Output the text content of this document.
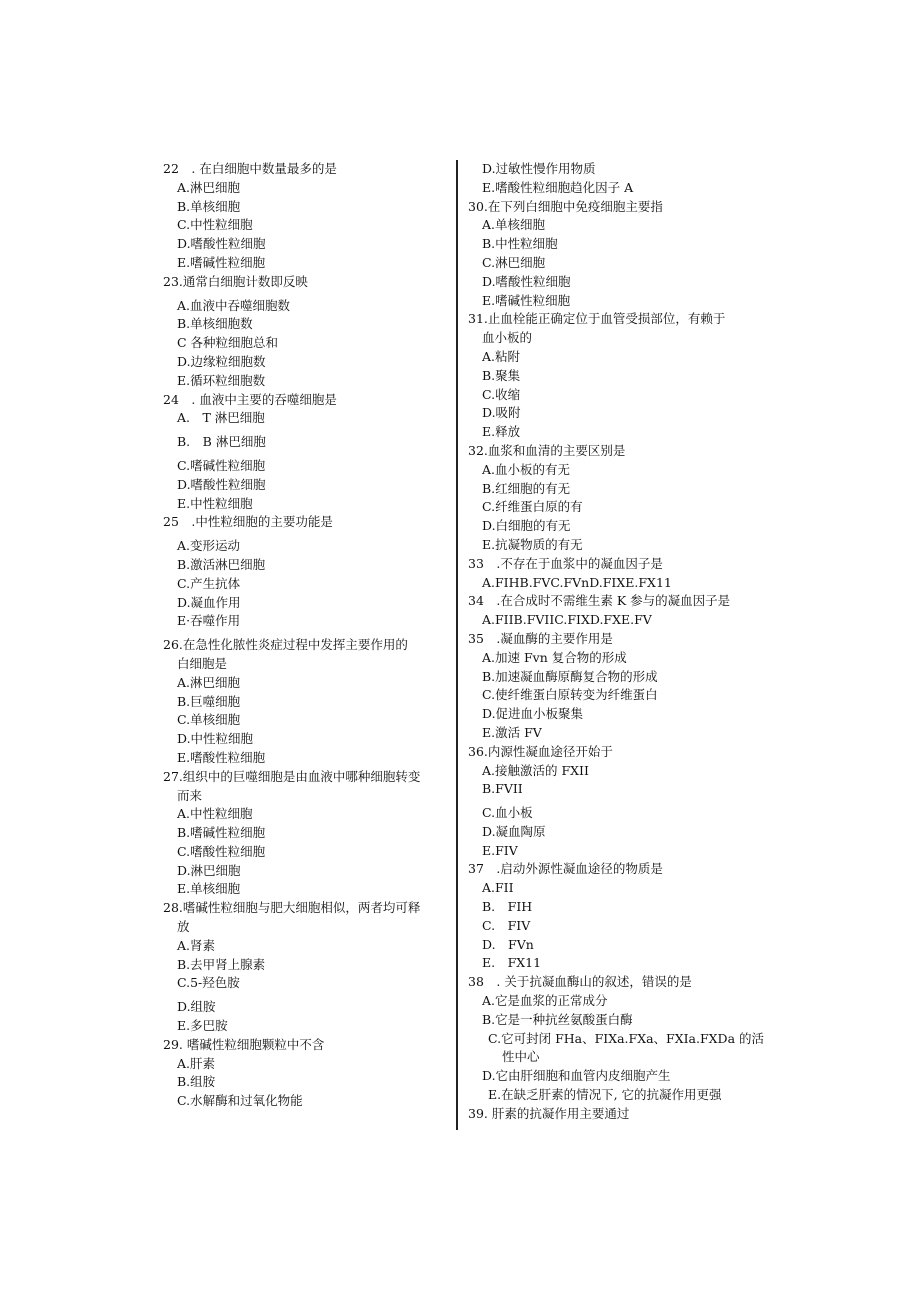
22　. 在白细胞中数量最多的是
A.淋巴细胞
B.单核细胞
C.中性粒细胞
D.嗜酸性粒细胞
E.嗜碱性粒细胞
23.通常白细胞计数即反映
A.血液中吞噬细胞数
B.单核细胞数
C 各种粒细胞总和
D.边缘粒细胞数
E.循环粒细胞数
24　. 血液中主要的吞噬细胞是
A.　T 淋巴细胞
B.　B 淋巴细胞
C.嗜碱性粒细胞
D.嗜酸性粒细胞
E.中性粒细胞
25　.中性粒细胞的主要功能是
A.变形运动
B.激活淋巴细胞
C.产生抗体
D.凝血作用
E·吞噬作用
26.在急性化脓性炎症过程中发挥主要作用的
白细胞是
A.淋巴细胞
B.巨噬细胞
C.单核细胞
D.中性粒细胞
E.嗜酸性粒细胞
27.组织中的巨噬细胞是由血液中哪种细胞转变
而来
A.中性粒细胞
B.嗜碱性粒细胞
C.嗜酸性粒细胞
D.淋巴细胞
E.单核细胞
28.嗜碱性粒细胞与肥大细胞相似，两者均可释
放
A.肾素
B.去甲肾上腺素
C.5-羟色胺
D.组胺
E.多巴胺
29. 嗜碱性粒细胞颗粒中不含
A.肝素
B.组胺
C.水解酶和过氧化物能
D.过敏性慢作用物质
E.嗜酸性粒细胞趋化因子 A
30.在下列白细胞中免疫细胞主要指
A.单核细胞
B.中性粒细胞
C.淋巴细胞
D.嗜酸性粒细胞
E.嗜碱性粒细胞
31.止血栓能正确定位于血管受损部位，有赖于
血小板的
A.粘附
B.聚集
C.收缩
D.吸附
E.释放
32.血浆和血清的主要区别是
A.血小板的有无
B.红细胞的有无
C.纤维蛋白原的有
D.白细胞的有无
E.抗凝物质的有无
33　.不存在于血浆中的凝血因子是
A.FIHB.FVC.FVnD.FIXE.FX11
34　.在合成时不需维生素 K 参与的凝血因子是
A.FIIB.FVIIC.FIXD.FXE.FV
35　.凝血酶的主要作用是
A.加速 Fvn 复合物的形成
B.加速凝血酶原酶复合物的形成
C.使纤维蛋白原转变为纤维蛋白
D.促进血小板聚集
E.激活 FV
36.内源性凝血途径开始于
A.接触激活的 FXII
B.FVII
C.血小板
D.凝血陶原
E.FIV
37　.启动外源性凝血途径的物质是
A.FII
B.　FIH
C.　FIV
D.　FVn
E.　FX11
38　. 关于抗凝血酶山的叙述，错误的是
A.它是血浆的正常成分
B.它是一种抗丝氨酸蛋白酶
C.它可封闭 FHa、FIXa.FXa、FXIa.FXDa 的活
性中心
D.它由肝细胞和血管内皮细胞产生
E.在缺乏肝素的情况下, 它的抗凝作用更强
39. 肝素的抗凝作用主要通过
